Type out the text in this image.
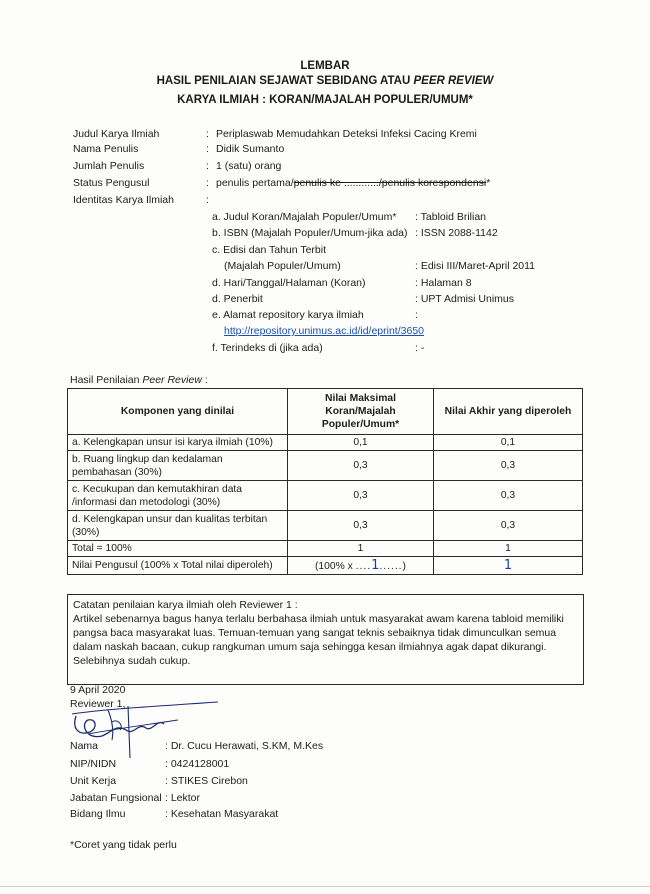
LEMBAR
HASIL PENILAIAN SEJAWAT SEBIDANG ATAU PEER REVIEW
KARYA ILMIAH : KORAN/MAJALAH POPULER/UMUM*
Judul Karya Ilmiah	: Periplaswab Memudahkan Deteksi Infeksi Cacing Kremi
Nama Penulis	: Didik Sumanto
Jumlah Penulis	: 1 (satu) orang
Status Pengusul	: penulis pertama/penulis ke ............/penulis korespondensi*
Identitas Karya Ilmiah	:
a. Judul Koran/Majalah Populer/Umum* : Tabloid Brilian
b. ISBN (Majalah Populer/Umum-jika ada) : ISSN 2088-1142
c. Edisi dan Tahun Terbit
(Majalah Populer/Umum)	: Edisi III/Maret-April 2011
d. Hari/Tanggal/Halaman (Koran)	: Halaman 8
d. Penerbit	: UPT Admisi Unimus
e. Alamat repository karya ilmiah	:
http://repository.unimus.ac.id/id/eprint/3650
f. Terindeks di (jika ada)	: -
Hasil Penilaian Peer Review :
Komponen yang dinilai	Nilai Maksimal Koran/Majalah Populer/Umum*	Nilai Akhir yang diperoleh
a. Kelengkapan unsur isi karya ilmiah (10%)	0,1	0,1
b. Ruang lingkup dan kedalaman pembahasan (30%)	0,3	0,3
c. Kecukupan dan kemutakhiran data /informasi dan metodologi (30%)	0,3	0,3
d. Kelengkapan unsur dan kualitas terbitan (30%)	0,3	0,3
Total = 100%	1	1
Nilai Pengusul (100% x Total nilai diperoleh)	(100% x ....1......)	1

Catatan penilaian karya ilmiah oleh Reviewer 1 :

Artikel sebenarnya bagus hanya terlalu berbahasa ilmiah untuk masyarakat awam karena tabloid memiliki pangsa baca masyarakat luas. Temuan-temuan yang sangat teknis sebaiknya tidak dimunculkan semua dalam naskah bacaan, cukup rangkuman umum saja sehingga kesan ilmiahnya agak dapat dikurangi. Selebihnya sudah cukup.

9 April 2020
Reviewer 1,
Nama	: Dr. Cucu Herawati, S.KM, M.Kes
NIP/NIDN	: 0424128001
Unit Kerja	: STIKES Cirebon
Jabatan Fungsional : Lektor
Bidang Ilmu	: Kesehatan Masyarakat
*Coret yang tidak perlu
